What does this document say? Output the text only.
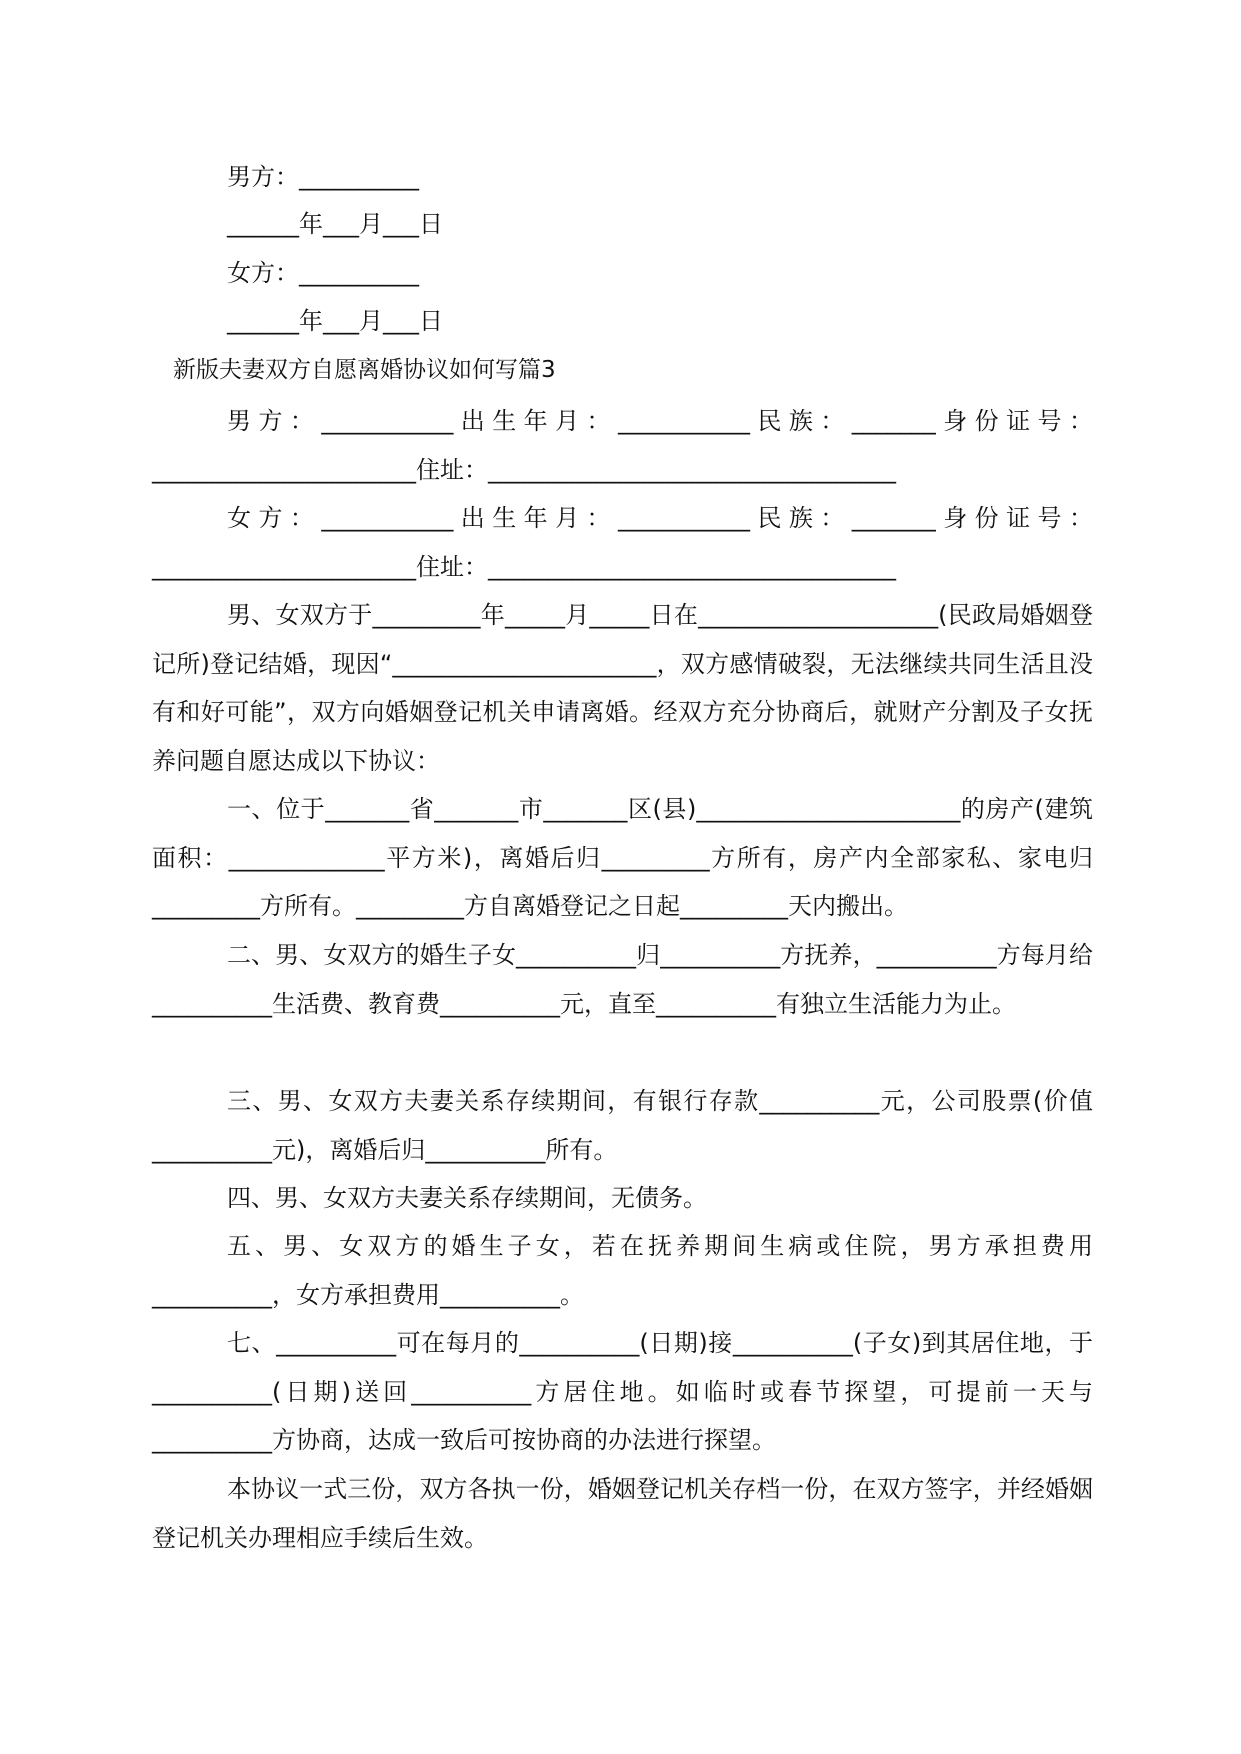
男方：__________
______年___月___日
女方：__________
______年___月___日
新版夫妻双方自愿离婚协议如何写篇3

男方：___________出生年月：___________民族：_______身份证号：______________________住址：__________________________________

女方：___________出生年月：___________民族：_______身份证号：______________________住址：__________________________________

男、女双方于_________年_____月_____日在____________________(民政局婚姻登记所)登记结婚，现因“______________________，双方感情破裂，无法继续共同生活且没有和好可能”，双方向婚姻登记机关申请离婚。经双方充分协商后，就财产分割及子女抚养问题自愿达成以下协议：

一、位于_______省_______市_______区(县)______________________的房产(建筑面积：_____________平方米)，离婚后归_________方所有，房产内全部家私、家电归_________方所有。_________方自离婚登记之日起_________天内搬出。

二、男、女双方的婚生子女__________归__________方抚养，__________方每月给__________生活费、教育费__________元，直至__________有独立生活能力为止。

三、男、女双方夫妻关系存续期间，有银行存款__________元，公司股票(价值__________元)，离婚后归__________所有。

四、男、女双方夫妻关系存续期间，无债务。

五、男、女双方的婚生子女，若在抚养期间生病或住院，男方承担费用__________，女方承担费用__________。

七、__________可在每月的__________(日期)接__________(子女)到其居住地，于__________(日期)送回__________方居住地。如临时或春节探望，可提前一天与__________方协商，达成一致后可按协商的办法进行探望。

本协议一式三份，双方各执一份，婚姻登记机关存档一份，在双方签字，并经婚姻登记机关办理相应手续后生效。
